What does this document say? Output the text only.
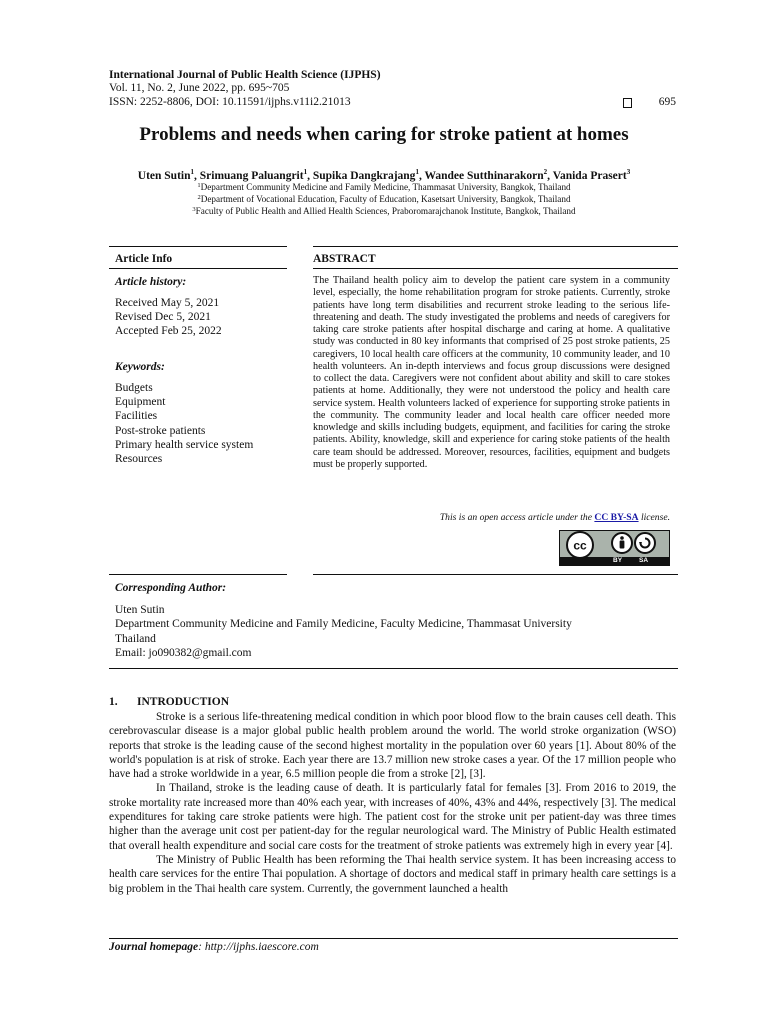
International Journal of Public Health Science (IJPHS)
Vol. 11, No. 2, June 2022, pp. 695~705
ISSN: 2252-8806, DOI: 10.11591/ijphs.v11i2.21013	695
Problems and needs when caring for stroke patient at homes
Uten Sutin$^1$, Srimuang Paluangrit$^1$, Supika Dangkrajang$^1$, Wandee Sutthinarakorn$^2$, Vanida Prasert$^3$
$^1$Department Community Medicine and Family Medicine, Thammasat University, Bangkok, Thailand
$^2$Department of Vocational Education, Faculty of Education, Kasetsart University, Bangkok, Thailand
$^3$Faculty of Public Health and Allied Health Sciences, Praboromarajchanok Institute, Bangkok, Thailand
Article Info
Article history:
Received May 5, 2021
Revised Dec 5, 2021
Accepted Feb 25, 2022
Keywords:
Budgets
Equipment
Facilities
Post-stroke patients
Primary health service system
Resources
ABSTRACT
The Thailand health policy aim to develop the patient care system in a community level, especially, the home rehabilitation program for stroke patients. Currently, stroke patients have long term disabilities and recurrent stroke leading to the serious life-threatening and death. The study investigated the problems and needs of caregivers for taking care stroke patients after hospital discharge and caring at home. A qualitative study was conducted in 80 key informants that comprised of 25 post stroke patients, 25 caregivers, 10 local health care officers at the community, 10 community leader, and 10 health volunteers. An in-depth interviews and focus group discussions were designed to collect the data. Caregivers were not confident about ability and skill to care stokes patients at home. Additionally, they were not understood the policy and health care service system. Health volunteers lacked of experience for supporting stroke patients in the community. The community leader and local health care officer needed more knowledge and skills including budgets, equipment, and facilities for caring the stroke patients. Ability, knowledge, skill and experience for caring stoke patients of the health care team should be addressed. Moreover, resources, facilities, equipment and budgets must be properly supported.
This is an open access article under the CC BY-SA license.
cc
BY	SA
Corresponding Author:
Uten Sutin
Department Community Medicine and Family Medicine, Faculty Medicine, Thammasat University
Thailand
Email: jo090382@gmail.com
1. INTRODUCTION

Stroke is a serious life-threatening medical condition in which poor blood flow to the brain causes cell death. This cerebrovascular disease is a major global public health problem around the world. The world stroke organization (WSO) reports that stroke is the leading cause of the second highest mortality in the population over 60 years [1]. About 80% of the world's population is at risk of stroke. Each year there are 13.7 million new stroke cases a year. Of the 17 million people who have had a stroke worldwide in a year, 6.5 million people die from a stroke [2], [3].

In Thailand, stroke is the leading cause of death. It is particularly fatal for females [3]. From 2016 to 2019, the stroke mortality rate increased more than 40% each year, with increases of 40%, 43% and 44%, respectively [3]. The medical expenditures for taking care stroke patients were high. The patient cost for the stroke unit per patient-day was three times higher than the average unit cost per patient-day for the regular neurological ward. The Ministry of Public Health estimated that overall health expenditure and social care costs for the treatment of stroke patients was extremely high in every year [4].

The Ministry of Public Health has been reforming the Thai health service system. It has been increasing access to health care services for the entire Thai population. A shortage of doctors and medical staff in primary health care settings is a big problem in the Thai health care system. Currently, the government launched a health

Journal homepage: http://ijphs.iaescore.com
